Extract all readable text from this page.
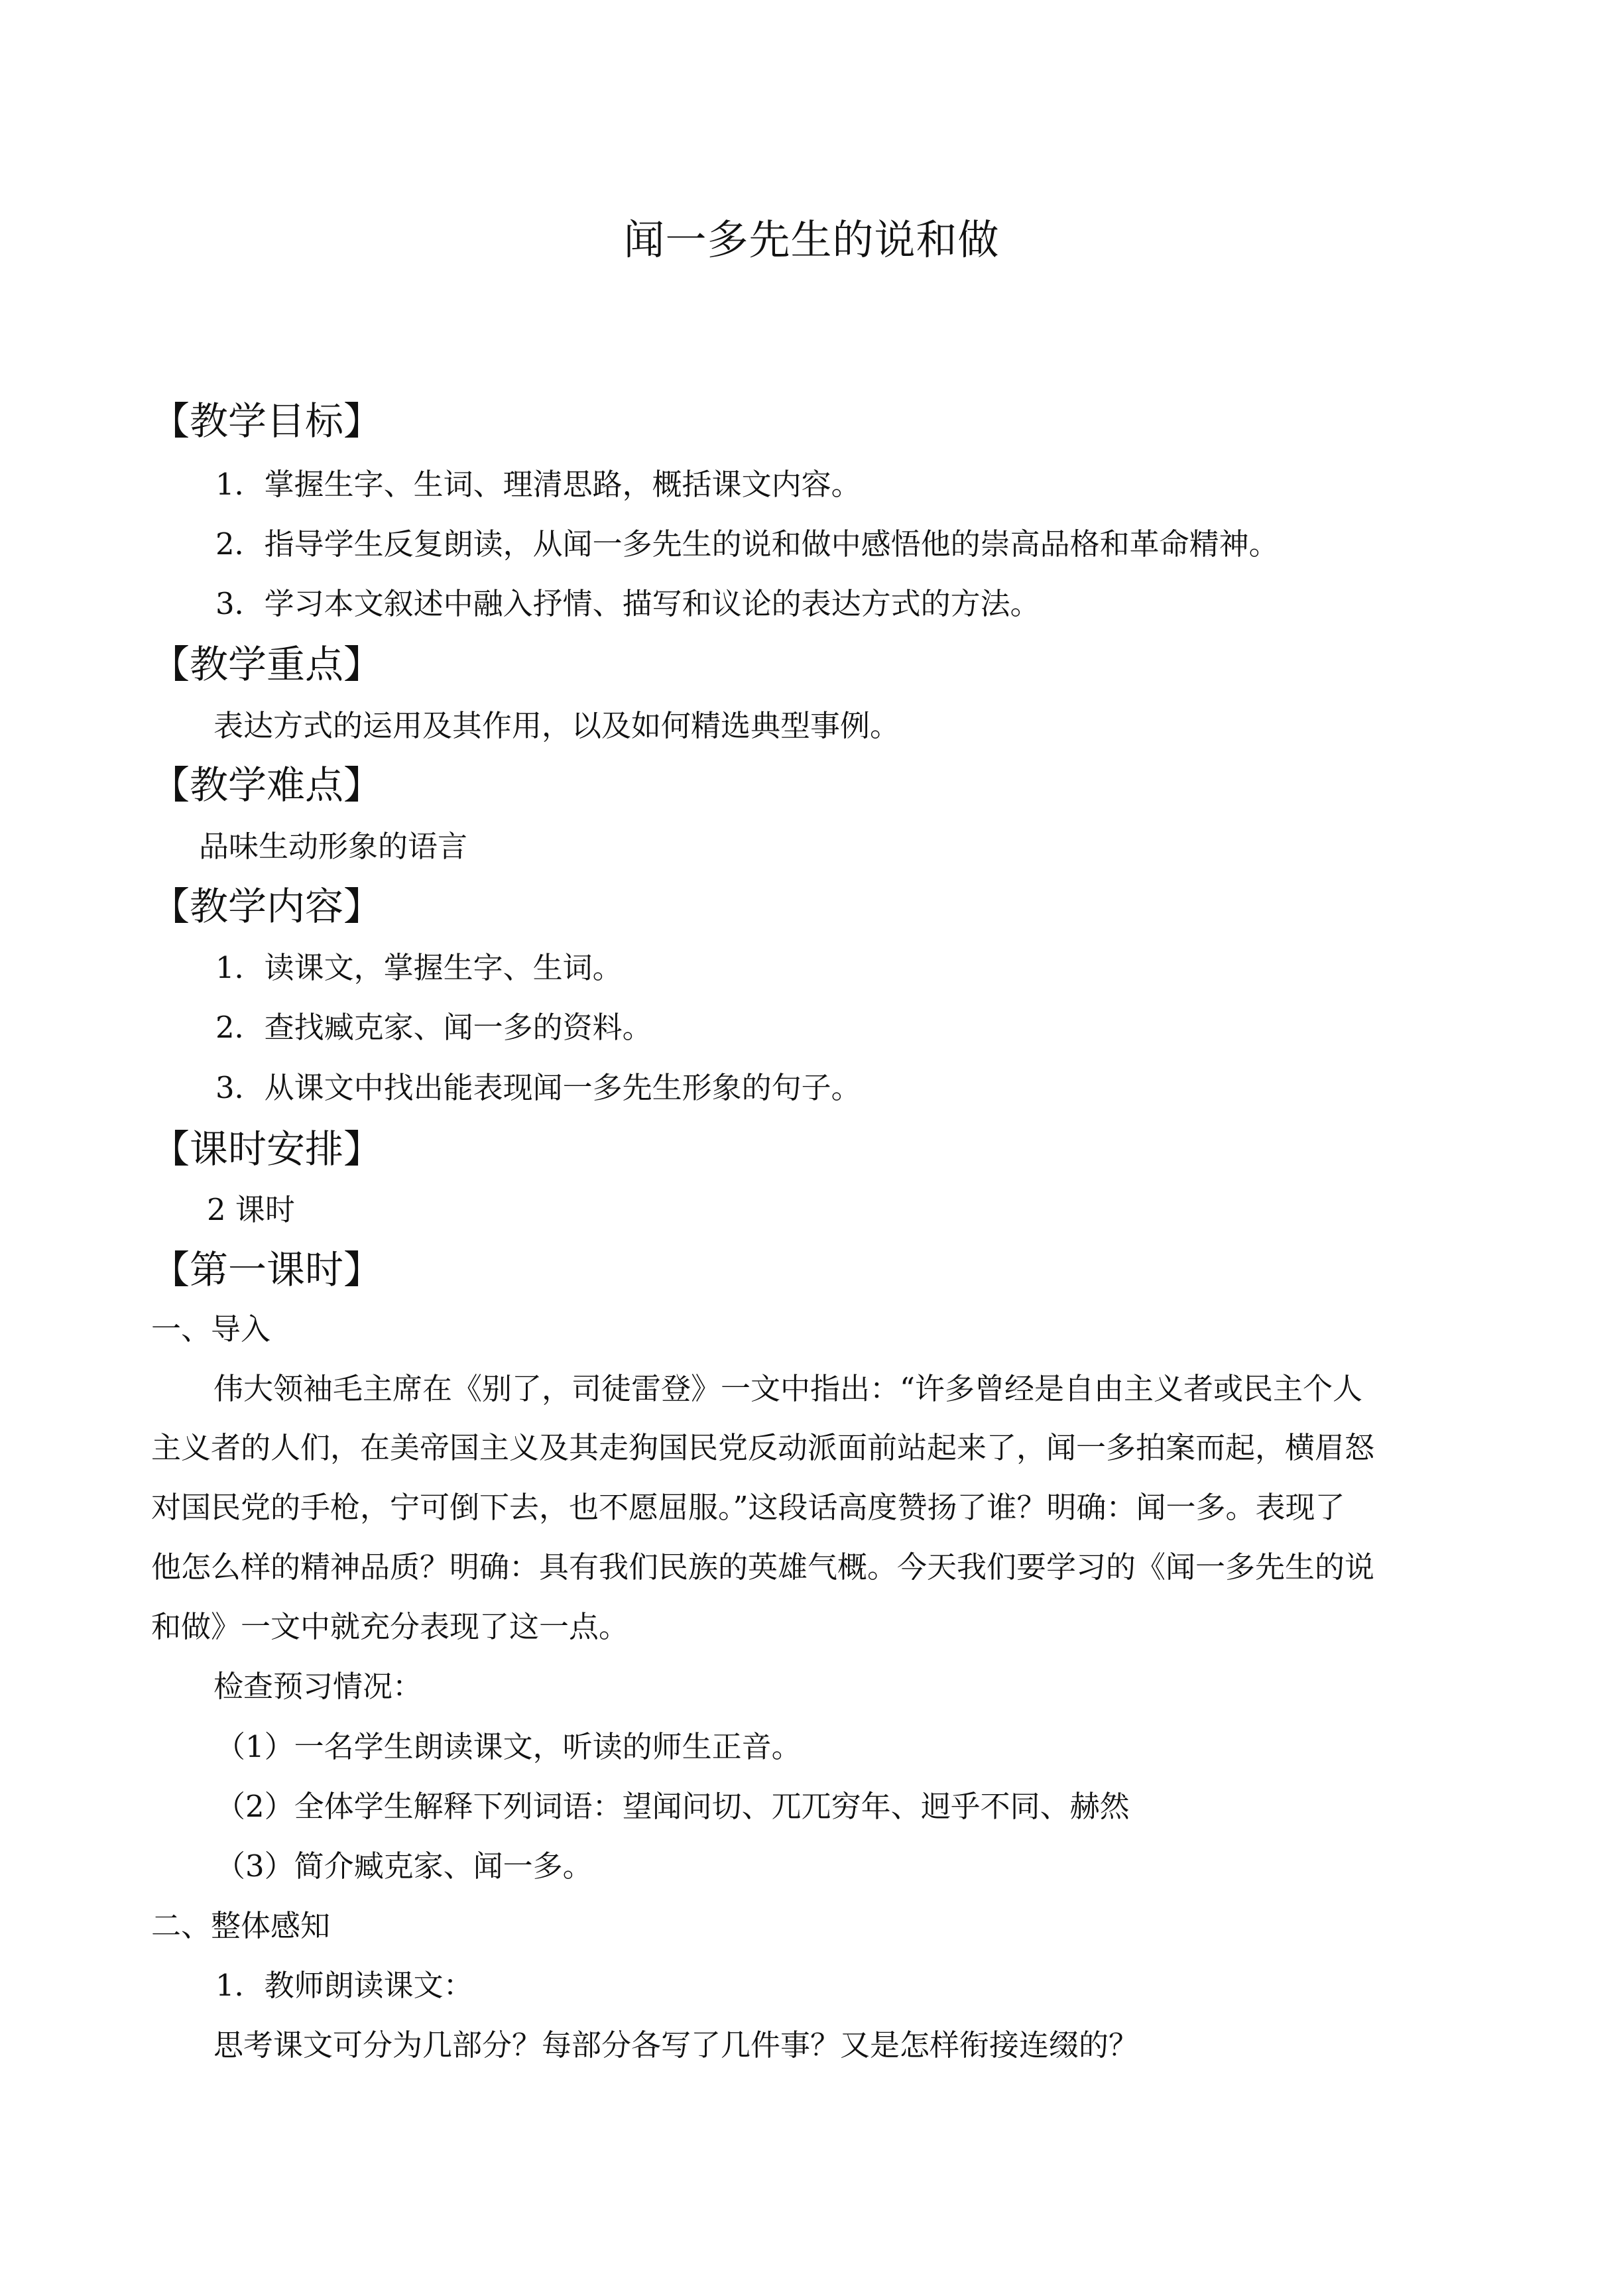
闻一多先生的说和做
【教学目标】
1．掌握生字、生词、理清思路，概括课文内容。
2．指导学生反复朗读，从闻一多先生的说和做中感悟他的崇高品格和革命精神。
3．学习本文叙述中融入抒情、描写和议论的表达方式的方法。
【教学重点】
表达方式的运用及其作用，以及如何精选典型事例。
【教学难点】
品味生动形象的语言
【教学内容】
1．读课文，掌握生字、生词。
2．查找臧克家、闻一多的资料。
3．从课文中找出能表现闻一多先生形象的句子。
【课时安排】
2 课时
【第一课时】
一、导入
伟大领袖毛主席在《别了，司徒雷登》一文中指出：“许多曾经是自由主义者或民主个人
主义者的人们，在美帝国主义及其走狗国民党反动派面前站起来了，闻一多拍案而起，横眉怒
对国民党的手枪，宁可倒下去，也不愿屈服。”这段话高度赞扬了谁？明确：闻一多。表现了
他怎么样的精神品质？明确：具有我们民族的英雄气概。今天我们要学习的《闻一多先生的说
和做》一文中就充分表现了这一点。
检查预习情况：
（1）一名学生朗读课文，听读的师生正音。
（2）全体学生解释下列词语：望闻问切、兀兀穷年、迥乎不同、赫然
（3）简介臧克家、闻一多。
二、整体感知
1．教师朗读课文：
思考课文可分为几部分？每部分各写了几件事？又是怎样衔接连缀的？
